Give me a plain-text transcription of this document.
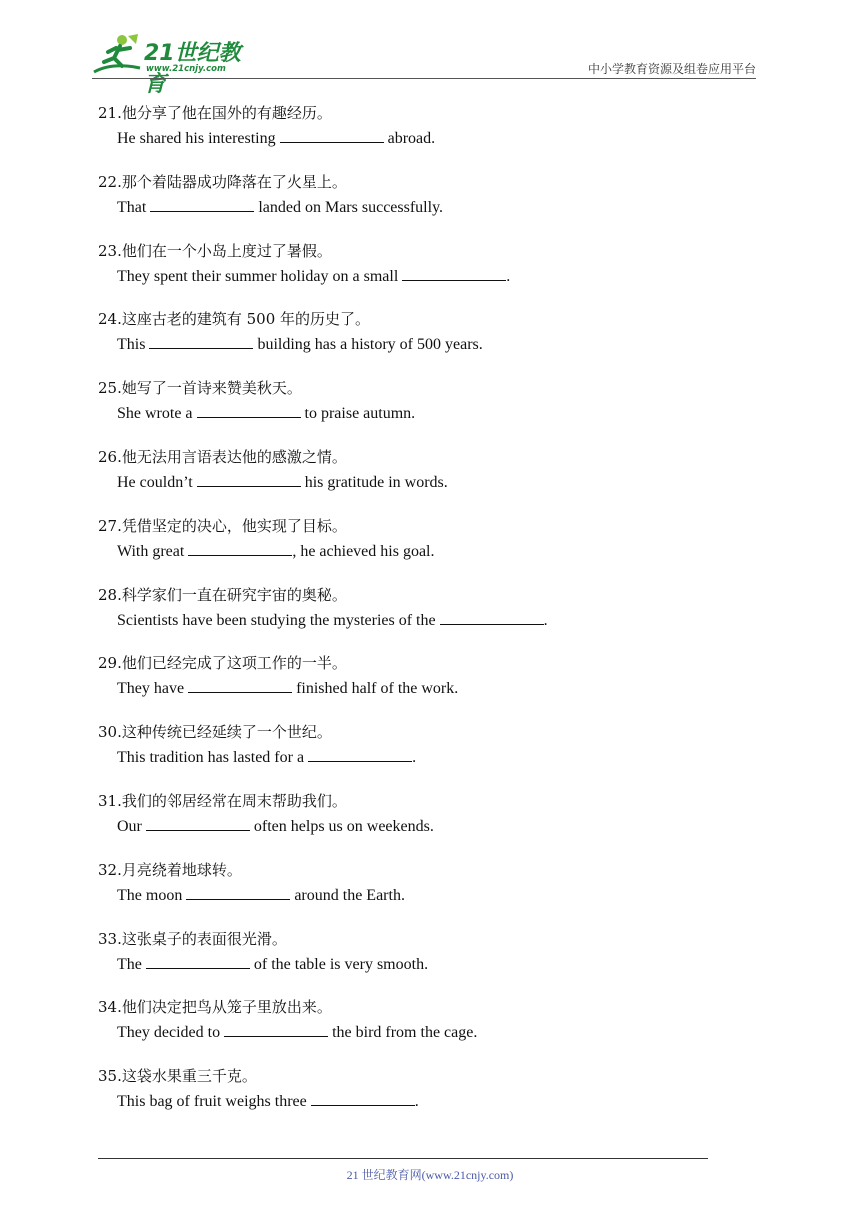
21世纪教育
www.21cnjy.com	中小学教育资源及组卷应用平台
21.他分享了他在国外的有趣经历。
He shared his interesting	abroad.
22.那个着陆器成功降落在了火星上。
That	landed on Mars successfully.
23.他们在一个小岛上度过了暑假。
They spent their summer holiday on a small	.
24.这座古老的建筑有 500 年的历史了。
This	building has a history of 500 years.
25.她写了一首诗来赞美秋天。
She wrote a	to praise autumn.
26.他无法用言语表达他的感激之情。
He couldn’t	his gratitude in words.
27.凭借坚定的决心，他实现了目标。
With great	, he achieved his goal.
28.科学家们一直在研究宇宙的奥秘。
Scientists have been studying the mysteries of the	.
29.他们已经完成了这项工作的一半。
They have	finished half of the work.
30.这种传统已经延续了一个世纪。
This tradition has lasted for a	.
31.我们的邻居经常在周末帮助我们。
Our	often helps us on weekends.
32.月亮绕着地球转。
The moon	around the Earth.
33.这张桌子的表面很光滑。
The	of the table is very smooth.
34.他们决定把鸟从笼子里放出来。
They decided to	the bird from the cage.
35.这袋水果重三千克。
This bag of fruit weighs three	.
21 世纪教育网(www.21cnjy.com)
